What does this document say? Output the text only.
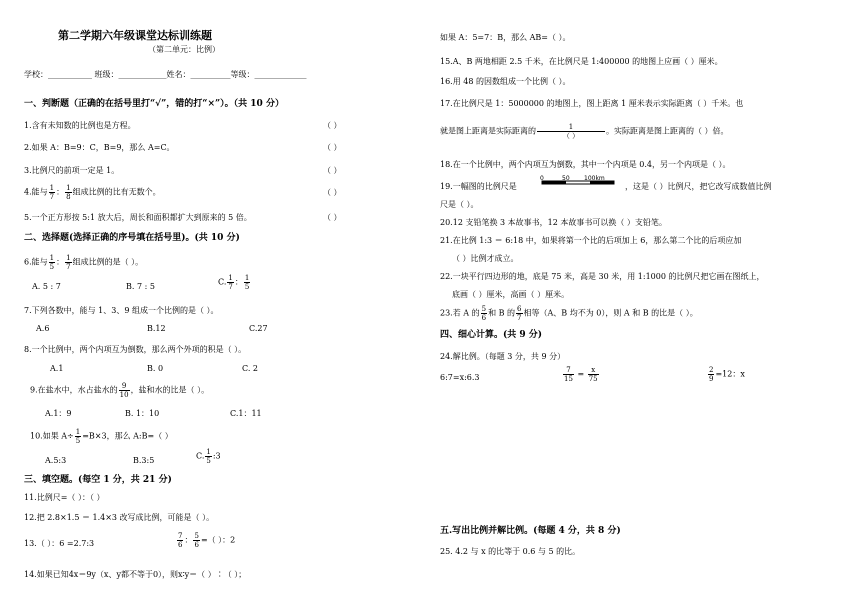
第二学期六年级课堂达标训练题
（第二单元：比例）
学校：___________ 班级：____________姓名：__________等级：_____________
一、判断题（正确的在括号里打“√”，错的打“×”）。（共 10 分）
1.含有未知数的比例也是方程。	（ ）
2.如果 A：B=9：C，B=9，那么 A=C。	（ ）
3.比例尺的前项一定是 1。	（ ）
5.一个正方形按 5:1 放大后，周长和面积都扩大到原来的 5 倍。	（ ）
二、选择题(选择正确的序号填在括号里)。(共 10 分)
A. 5 : 7	B. 7 : 5
7.下列各数中，能与 1、3、9 组成一个比例的是（ ）。
A.6	B.12	C.27
8.一个比例中，两个内项互为倒数，那么两个外项的积是（ ）。
A.1	B. 0	C. 2
A.1：9	B. 1：10	C.1：11
A.5:3	B.3:5
三、填空题。(每空 1 分，共 21 分)
11.比例尺=（ ）：（ ）
12.把 2.8×1.5 ＝ 1.4×3 改写成比例，可能是（ ）。
13.（ ）：6 =2.7:3
14.如果已知4x＝9y（x、y都不等于0），则x∶y＝（ ）∶（ ）；
如果 A：5=7：B，那么 AB=（ ）。
15.A、B 两地相距 2.5 千米，在比例尺是 1:400000 的地图上应画（ ）厘米。
16.用 48 的因数组成一个比例（ ）。
17.在比例尺是 1：5000000 的地图上，图上距离 1 厘米表示实际距离（ ）千米。也
18.在一个比例中，两个内项互为倒数，其中一个内项是 0.4，另一个内项是（ ）。
19.一幅图的比例尺是	，这是（ ）比例尺，把它改写成数值比例
尺是（ ）。
20.12 支铅笔换 3 本故事书，12 本故事书可以换（ ）支铅笔。
21.在比例 1:3 ＝ 6:18 中，如果将第一个比的后项加上 6，那么第二个比的后项应加
（ ）比例才成立。
22.一块平行四边形的地，底是 75 米，高是 30 米，用 1:1000 的比例尺把它画在图纸上，
底画（ ）厘米，高画（ ）厘米。
四、细心计算。(共 9 分)
24.解比例。（每题 3 分，共 9 分）
五.写出比例并解比例。(每题 4 分，共 8 分)
25. 4.2 与 x 的比等于 0.6 与 5 的比。
4.能与 $\frac{1}{7}$ ： $\frac{1}{8}$ 组成比例的比有无数个。	（ ）
6.能与 $\frac{1}{5}$ ： $\frac{1}{7}$ 组成比例的是（ ）。
C. $\frac{1}{7}$ ： $\frac{1}{5}$
9.在盐水中，水占盐水的 $\frac{9}{10}$ ，盐和水的比是（ ）。
10.如果 $A\div \frac{1}{5} =B\times 3$，那么 A:B=（ ）
C. $\frac{1}{5}$ :3
$\frac{7}{6}$ ： $\frac{5}{6}$ =（ ）：2
就是图上距离是实际距离的 $\frac{1}{( )}$ 。实际距离是图上距离的（ ）倍。
0	50 100km
23.若 A 的 $\frac{5}{6}$ 和 B 的 $\frac{6}{7}$ 相等（A、B 均不为 0），则 A 和 B 的比是（ ）。
6:7=x:6.3	$\frac{7}{15} = \frac{x}{75}$	$\frac{2}{9} =12$：x
